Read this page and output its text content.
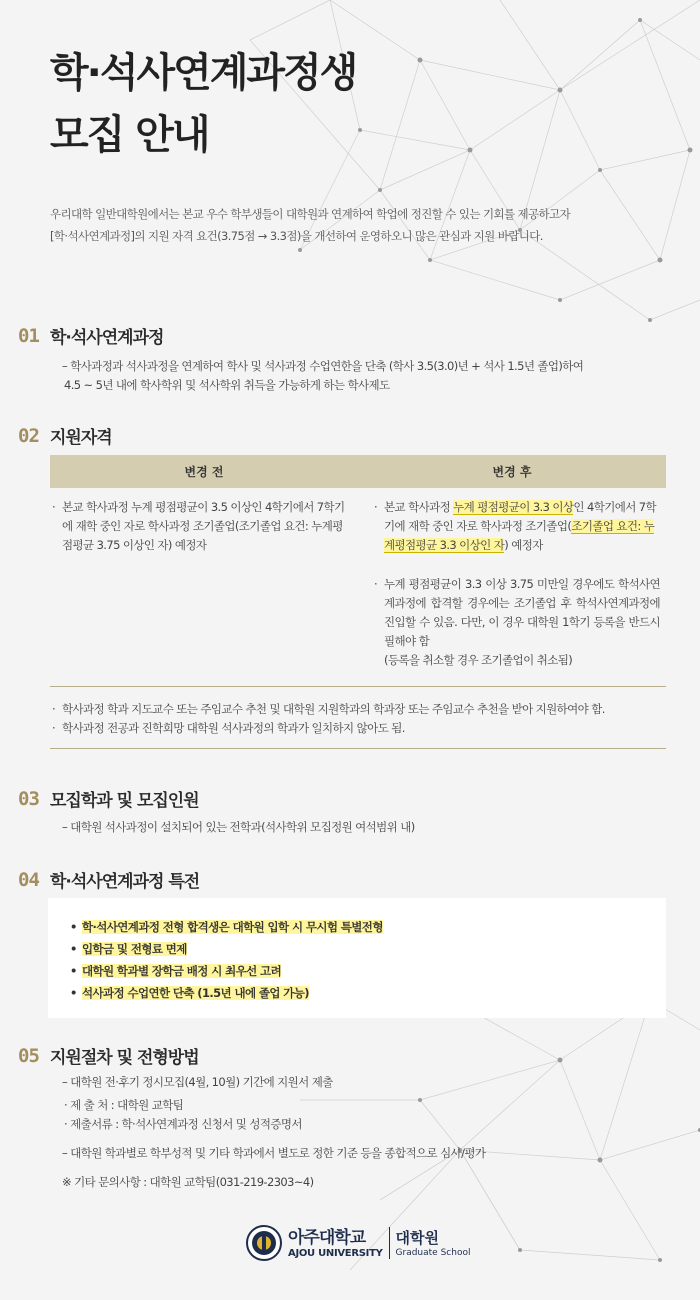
학·석사연계과정생
모집 안내

우리대학 일반대학원에서는 본교 우수 학부생들이 대학원과 연계하여 학업에 정진할 수 있는 기회를 제공하고자

[학·석사연계과정]의 지원 자격 요건(3.75점 → 3.3점)을 개선하여 운영하오니 많은 관심과 지원 바랍니다.

01 학·석사연계과정
– 학사과정과 석사과정을 연계하여 학사 및 석사과정 수업연한을 단축 (학사 3.5(3.0)년 + 석사 1.5년 졸업)하여
4.5 ~ 5년 내에 학사학위 및 석사학위 취득을 가능하게 하는 학사제도
02 지원자격
변경 전	변경 후
· 본교 학사과정 누계 평점평균이 3.5 이상인 4학기에서 7학기에 재학 중인 자로 학사과정 조기졸업(조기졸업 요건: 누계평점평균 3.75 이상인 자) 예정자
· 본교 학사과정 누계 평점평균이 3.3 이상인 4학기에서 7학기에 재학 중인 자로 학사과정 조기졸업(조기졸업 요건: 누계평점평균 3.3 이상인 자) 예정자
· 누계 평점평균이 3.3 이상 3.75 미만일 경우에도 학석사연계과정에 합격할 경우에는 조기졸업 후 학석사연계과정에 진입할 수 있음. 다만, 이 경우 대학원 1학기 등록을 반드시 필해야 함
(등록을 취소할 경우 조기졸업이 취소됨)
· 학사과정 학과 지도교수 또는 주임교수 추천 및 대학원 지원학과의 학과장 또는 주임교수 추천을 받아 지원하여야 함.
· 학사과정 전공과 진학희망 대학원 석사과정의 학과가 일치하지 않아도 됨.
03 모집학과 및 모집인원
– 대학원 석사과정이 설치되어 있는 전학과(석사학위 모집정원 여석범위 내)
04 학·석사연계과정 특전
• 학·석사연계과정 전형 합격생은 대학원 입학 시 무시험 특별전형
• 입학금 및 전형료 면제
• 대학원 학과별 장학금 배정 시 최우선 고려
• 석사과정 수업연한 단축 (1.5년 내에 졸업 가능)
05 지원절차 및 전형방법
– 대학원 전·후기 정시모집(4월, 10월) 기간에 지원서 제출
· 제 출 처 : 대학원 교학팀
· 제출서류 : 학·석사연계과정 신청서 및 성적증명서
– 대학원 학과별로 학부성적 및 기타 학과에서 별도로 정한 기준 등을 종합적으로 심사/평가
※ 기타 문의사항 : 대학원 교학팀(031-219-2303~4)
아주대학교
AJOU UNIVERSITY
대학원
Graduate School
